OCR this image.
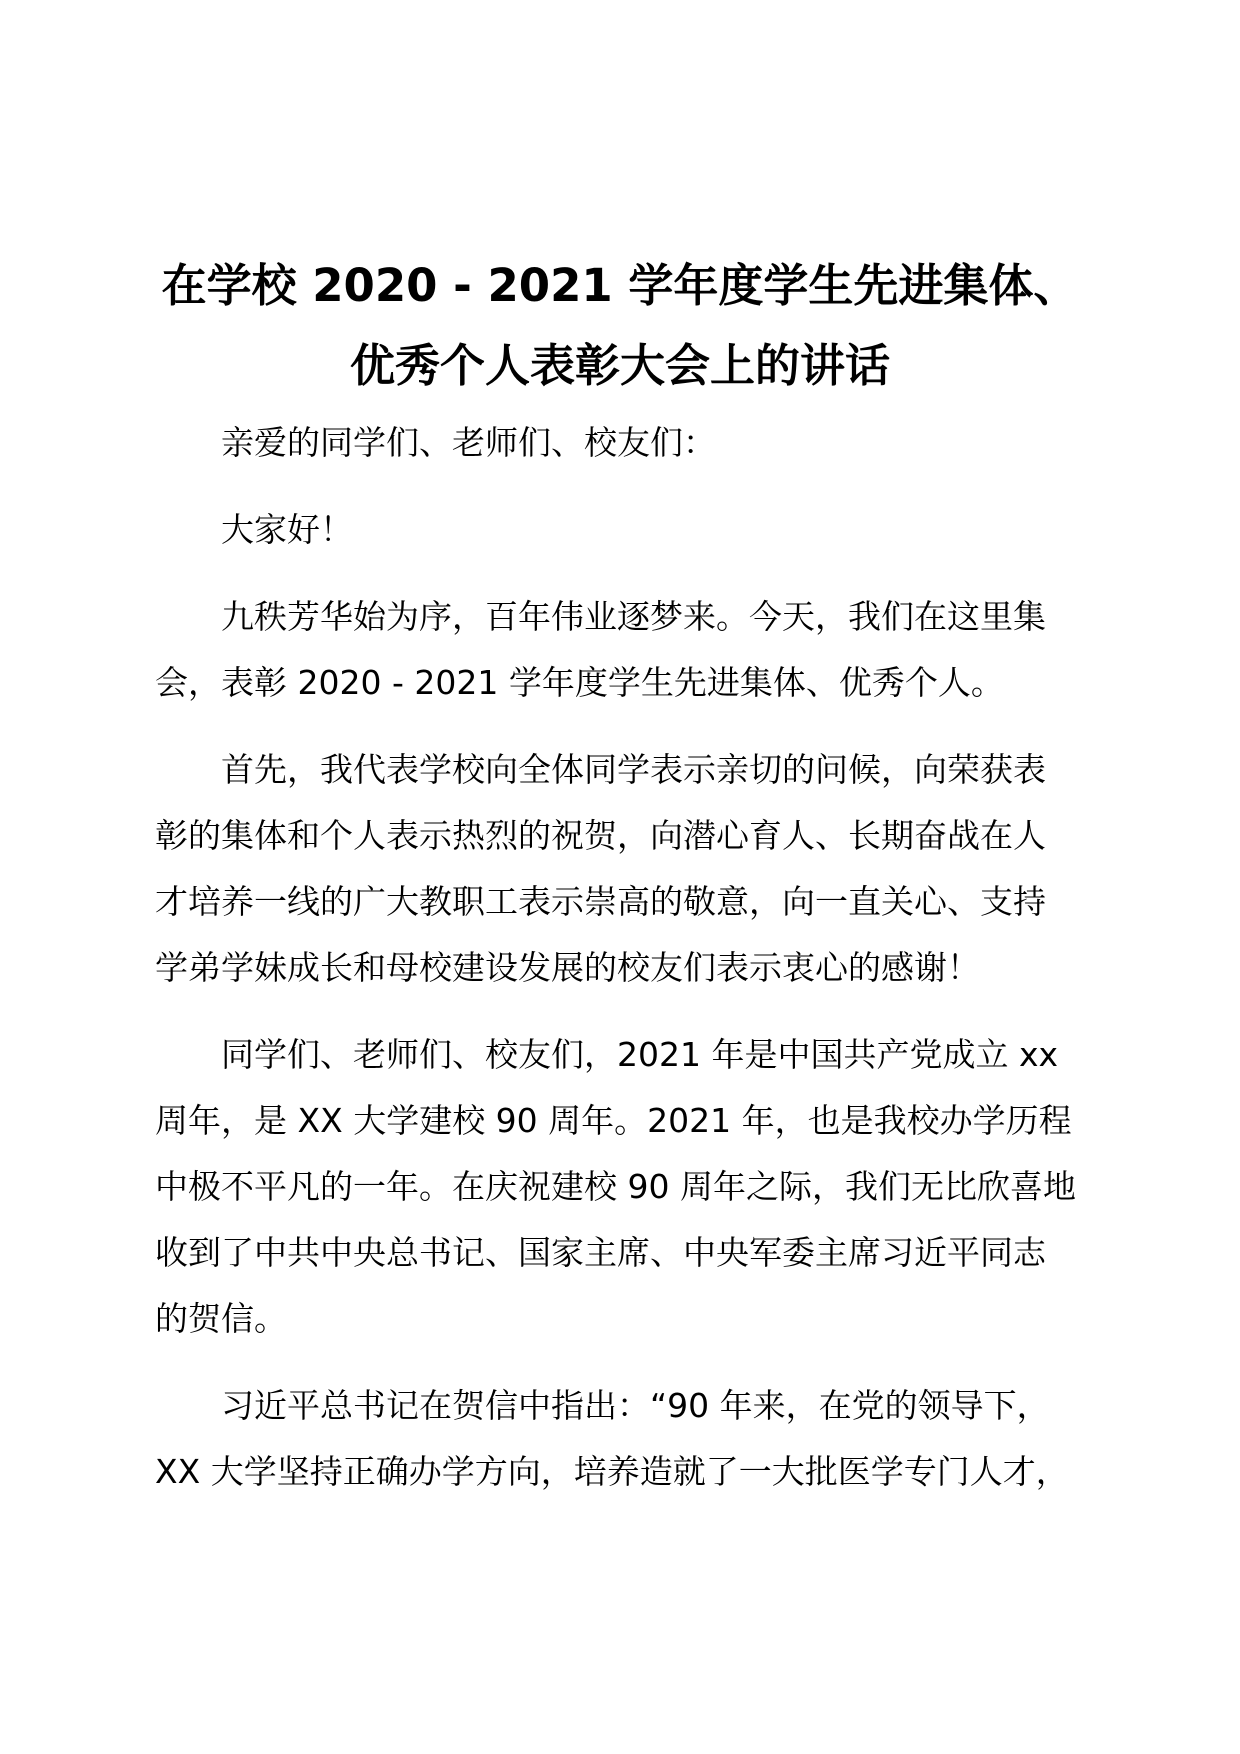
在学校 2020 - 2021 学年度学生先进集体、
优秀个人表彰大会上的讲话

亲爱的同学们、老师们、校友们：

大家好！

九秩芳华始为序，百年伟业逐梦来。今天，我们在这里集
会，表彰 2020 - 2021 学年度学生先进集体、优秀个人。

首先，我代表学校向全体同学表示亲切的问候，向荣获表
彰的集体和个人表示热烈的祝贺，向潜心育人、长期奋战在人
才培养一线的广大教职工表示崇高的敬意，向一直关心、支持
学弟学妹成长和母校建设发展的校友们表示衷心的感谢！

同学们、老师们、校友们，2021 年是中国共产党成立 xx
周年，是 XX 大学建校 90 周年。2021 年，也是我校办学历程
中极不平凡的一年。在庆祝建校 90 周年之际，我们无比欣喜地
收到了中共中央总书记、国家主席、中央军委主席习近平同志
的贺信。

习近平总书记在贺信中指出：“90 年来，在党的领导下，
XX 大学坚持正确办学方向，培养造就了一大批医学专门人才，
